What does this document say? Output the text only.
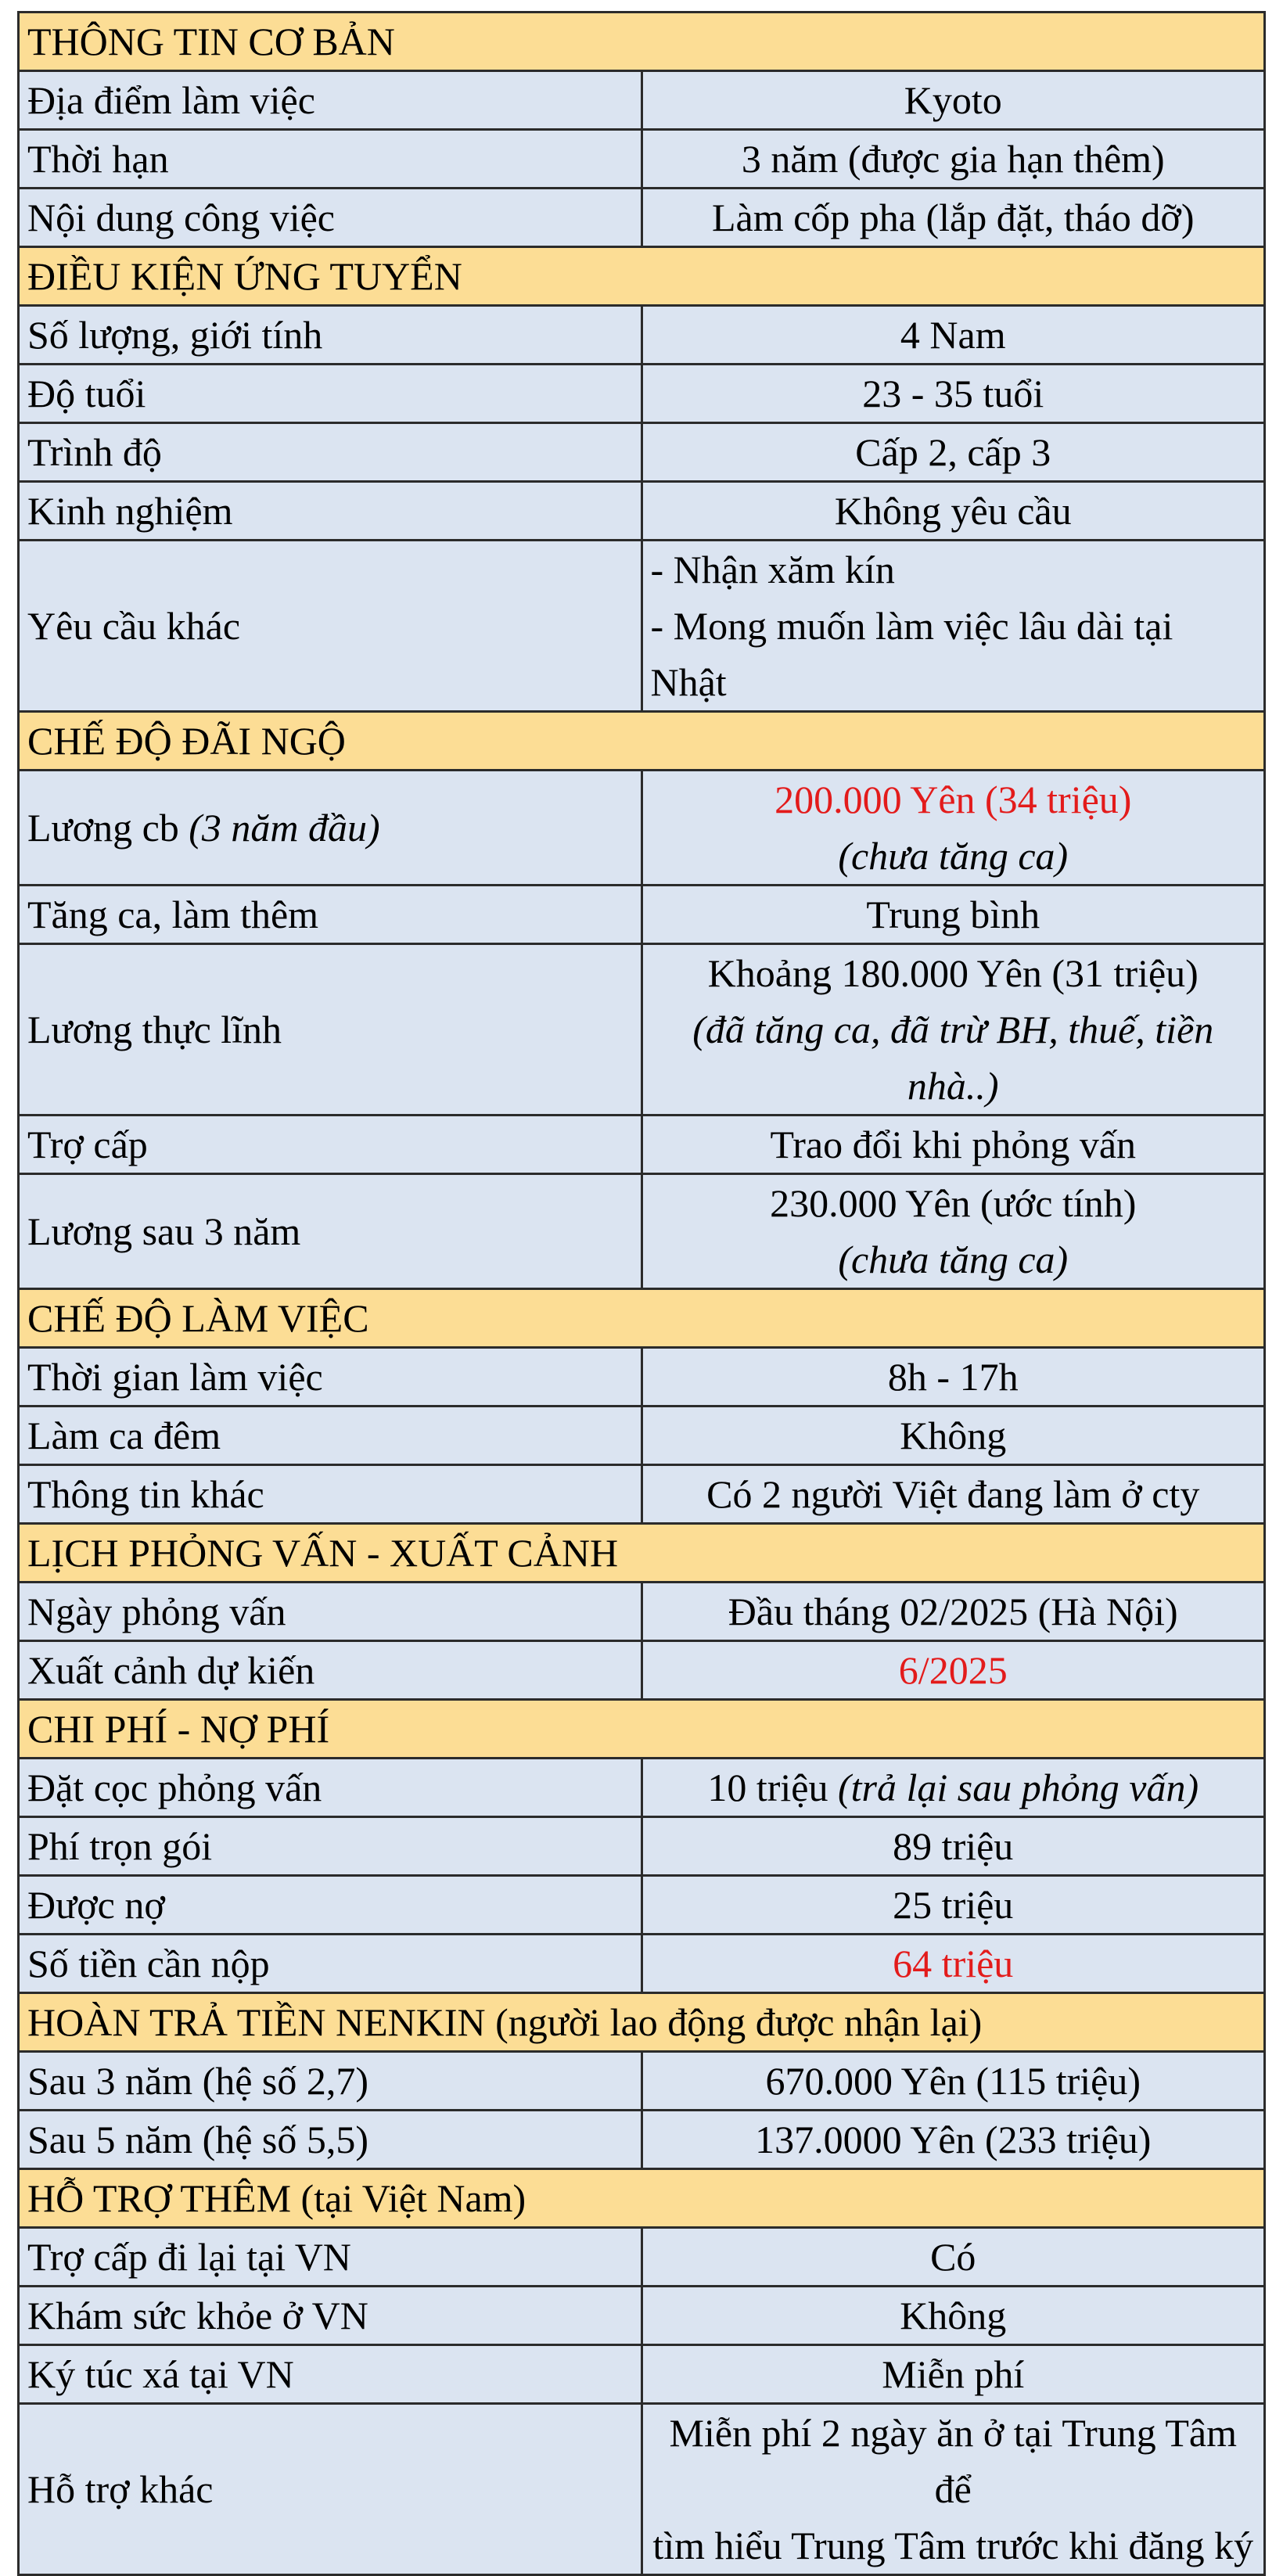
THÔNG TIN CƠ BẢN	
Địa điểm làm việc	Kyoto
Thời hạn	3 năm (được gia hạn thêm)
Nội dung công việc	Làm cốp pha (lắp đặt, tháo dỡ)
ĐIỀU KIỆN ỨNG TUYỂN	
Số lượng, giới tính	4 Nam
Độ tuổi	23 - 35 tuổi
Trình độ	Cấp 2, cấp 3
Kinh nghiệm	Không yêu cầu
Yêu cầu khác	- Nhận xăm kín
- Mong muốn làm việc lâu dài tại Nhật

CHẾ ĐỘ ĐÃI NGỘ	
Lương cb (3 năm đầu)	200.000 Yên (34 triệu)
(chưa tăng ca)

Tăng ca, làm thêm	Trung bình
Lương thực lĩnh	Khoảng 180.000 Yên (31 triệu)
(đã tăng ca, đã trừ BH, thuế, tiền nhà..)

Trợ cấp	Trao đổi khi phỏng vấn
Lương sau 3 năm	230.000 Yên (ước tính)
(chưa tăng ca)

CHẾ ĐỘ LÀM VIỆC	
Thời gian làm việc	8h - 17h
Làm ca đêm	Không
Thông tin khác	Có 2 người Việt đang làm ở cty
LỊCH PHỎNG VẤN - XUẤT CẢNH	
Ngày phỏng vấn	Đầu tháng 02/2025 (Hà Nội)
Xuất cảnh dự kiến	6/2025
CHI PHÍ - NỢ PHÍ	
Đặt cọc phỏng vấn	10 triệu (trả lại sau phỏng vấn)
Phí trọn gói	89 triệu
Được nợ	25 triệu
Số tiền cần nộp	64 triệu
HOÀN TRẢ TIỀN NENKIN (người lao động được nhận lại)	
Sau 3 năm (hệ số 2,7)	670.000 Yên (115 triệu)
Sau 5 năm (hệ số 5,5)	137.0000 Yên (233 triệu)
HỖ TRỢ THÊM (tại Việt Nam)	
Trợ cấp đi lại tại VN	Có
Khám sức khỏe ở VN	Không
Ký túc xá tại VN	Miễn phí
Hỗ trợ khác	Miễn phí 2 ngày ăn ở tại Trung Tâm để
tìm hiểu Trung Tâm trước khi đăng ký
